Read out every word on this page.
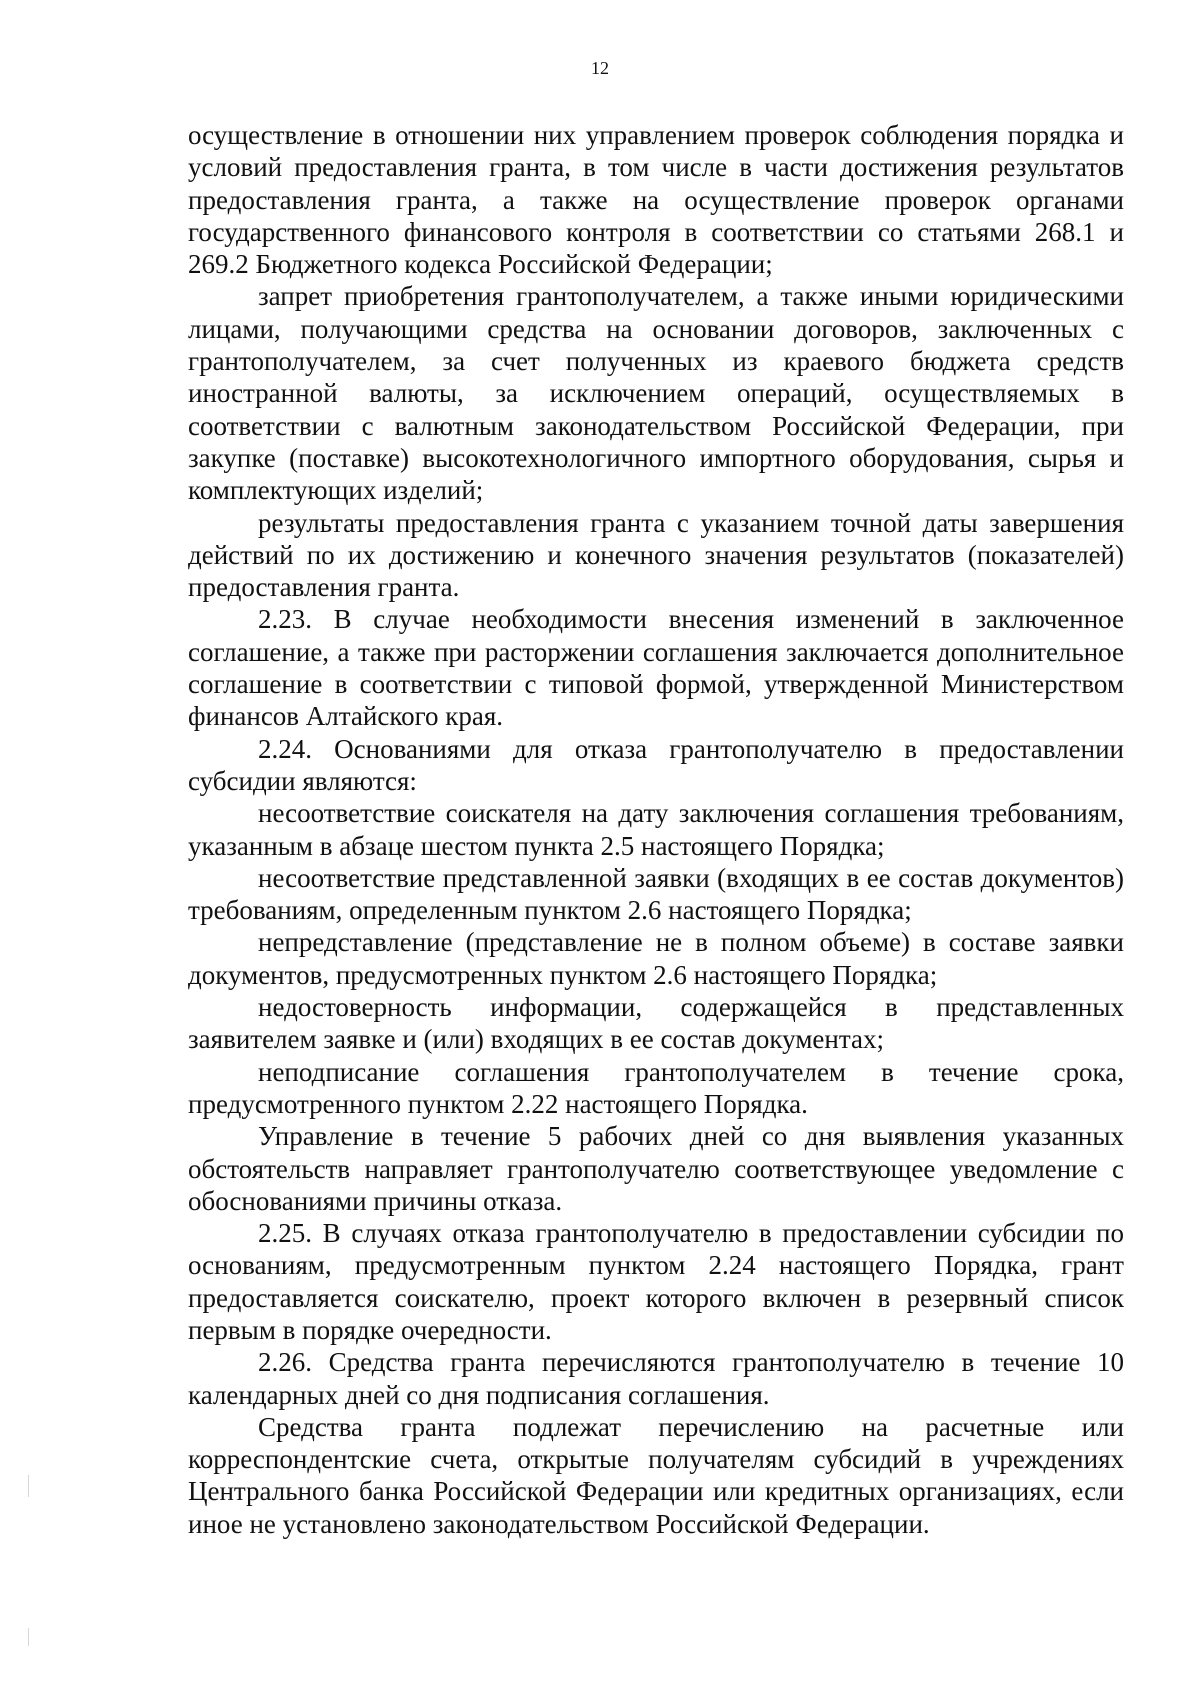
12

осуществление в отношении них управлением проверок соблюдения порядка и условий предоставления гранта, в том числе в части достижения результатов предоставления гранта, а также на осуществление проверок органами государственного финансового контроля в соответствии со статьями 268.1 и 269.2 Бюджетного кодекса Российской Федерации;

запрет приобретения грантополучателем, а также иными юридическими лицами, получающими средства на основании договоров, заключенных с грантополучателем, за счет полученных из краевого бюджета средств иностранной валюты, за исключением операций, осуществляемых в соответствии с валютным законодательством Российской Федерации, при закупке (поставке) высокотехнологичного импортного оборудования, сырья и комплектующих изделий;

результаты предоставления гранта с указанием точной даты завершения действий по их достижению и конечного значения результатов (показателей) предоставления гранта.

2.23. В случае необходимости внесения изменений в заключенное соглашение, а также при расторжении соглашения заключается дополнительное соглашение в соответствии с типовой формой, утвержденной Министерством финансов Алтайского края.

2.24. Основаниями для отказа грантополучателю в предоставлении субсидии являются:

несоответствие соискателя на дату заключения соглашения требованиям, указанным в абзаце шестом пункта 2.5 настоящего Порядка;

несоответствие представленной заявки (входящих в ее состав документов) требованиям, определенным пунктом 2.6 настоящего Порядка;

непредставление (представление не в полном объеме) в составе заявки документов, предусмотренных пунктом 2.6 настоящего Порядка;

недостоверность информации, содержащейся в представленных заявителем заявке и (или) входящих в ее состав документах;

неподписание соглашения грантополучателем в течение срока, предусмотренного пунктом 2.22 настоящего Порядка.

Управление в течение 5 рабочих дней со дня выявления указанных обстоятельств направляет грантополучателю соответствующее уведомление с обоснованиями причины отказа.

2.25. В случаях отказа грантополучателю в предоставлении субсидии по основаниям, предусмотренным пунктом 2.24 настоящего Порядка, грант предоставляется соискателю, проект которого включен в резервный список первым в порядке очередности.

2.26. Средства гранта перечисляются грантополучателю в течение 10 календарных дней со дня подписания соглашения.

Средства гранта подлежат перечислению на расчетные или корреспондентские счета, открытые получателям субсидий в учреждениях Центрального банка Российской Федерации или кредитных организациях, если иное не установлено законодательством Российской Федерации.
